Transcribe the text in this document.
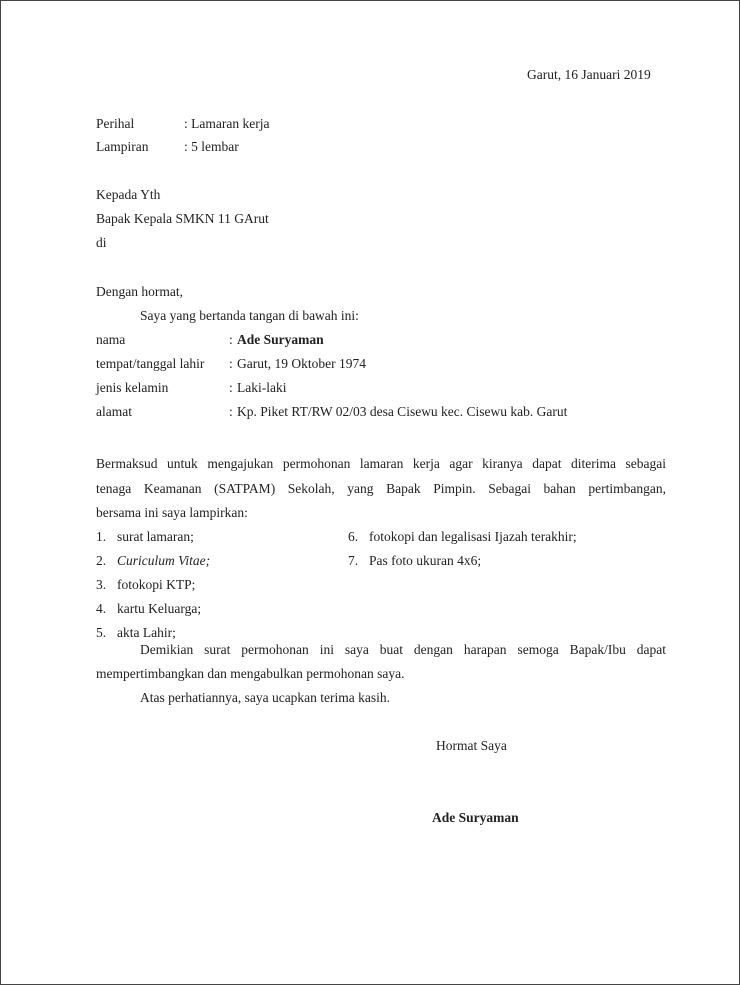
Garut, 16 Januari 2019
Perihal	: Lamaran kerja
Lampiran	: 5 lembar
Kepada Yth
Bapak Kepala SMKN 11 GArut
di
Dengan hormat,
Saya yang bertanda tangan di bawah ini:
nama	: Ade Suryaman
tempat/tanggal lahir : Garut, 19 Oktober 1974
jenis kelamin	: Laki-laki
alamat	: Kp. Piket RT/RW 02/03 desa Cisewu kec. Cisewu kab. Garut
Bermaksud untuk mengajukan permohonan lamaran kerja agar kiranya dapat diterima sebagai
tenaga Keamanan (SATPAM) Sekolah, yang Bapak Pimpin. Sebagai bahan pertimbangan,
bersama ini saya lampirkan:
1. surat lamaran;
2. Curiculum Vitae;
3. fotokopi KTP;
4. kartu Keluarga;
5. akta Lahir;
6. fotokopi dan legalisasi Ijazah terakhir;
7. Pas foto ukuran 4x6;
Demikian surat permohonan ini saya buat dengan harapan semoga Bapak/Ibu dapat
mempertimbangkan dan mengabulkan permohonan saya.
Atas perhatiannya, saya ucapkan terima kasih.
Hormat Saya
Ade Suryaman
